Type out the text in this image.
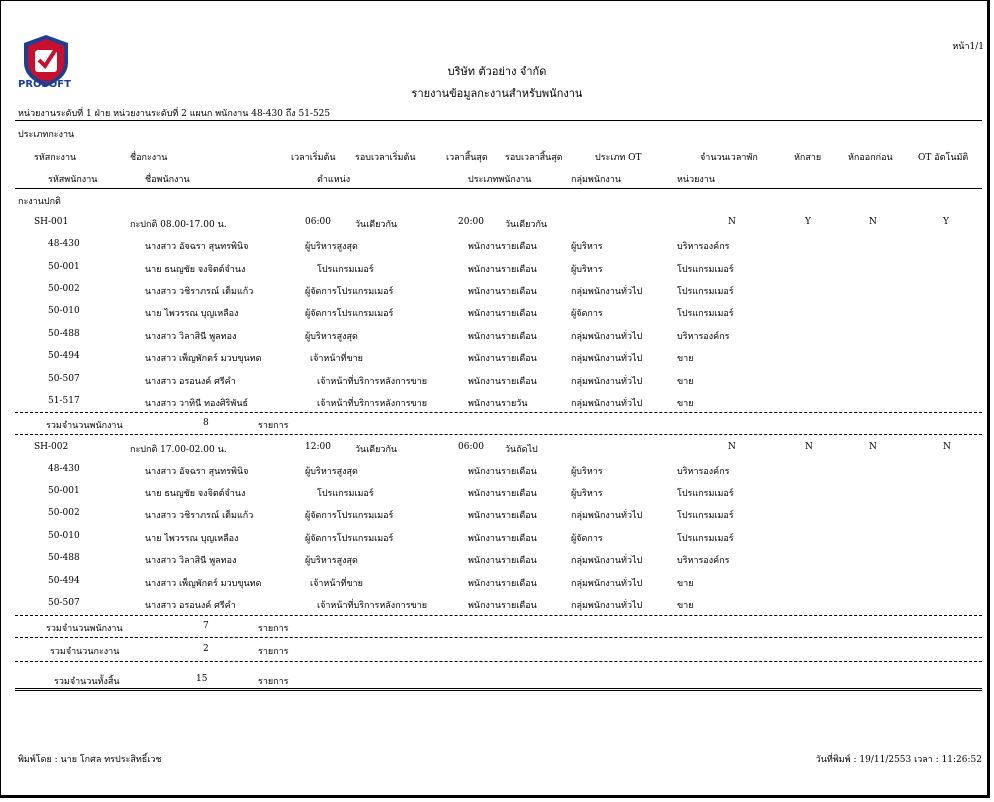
PROSOFT
บริษัท ตัวอย่าง จำกัด
รายงานข้อมูลกะงานสำหรับพนักงาน
หน้า1/1
หน่วยงานระดับที่ 1 ฝ่าย หน่วยงานระดับที่ 2 แผนก พนักงาน 48-430 ถึง 51-525
ประเภทกะงาน
รหัสกะงาน	ชื่อกะงาน	เวลาเริ่มต้น รอบเวลาเริ่มต้น	เวลาสิ้นสุด รอบเวลาสิ้นสุด	ประเภท OT	จำนวนเวลาพัก	หักสาย	หักออกก่อน	OT อัตโนมัติ
รหัสพนักงาน	ชื่อพนักงาน	ตำแหน่ง	ประเภทพนักงาน	กลุ่มพนักงาน	หน่วยงาน
กะงานปกติ
SH-001	กะปกติ 08.00-17.00 น.	06:00	วันเดียวกัน	20:00 วันเดียวกัน	N	Y	N	Y
48-430	นางสาว อัจฉรา สุนทรพินิจ	ผู้บริหารสูงสุด	พนักงานรายเดือน	ผู้บริหาร	บริหารองค์กร
50-001	นาย ธนญชัย จงจิตต์จำนง	โปรแกรมเมอร์	พนักงานรายเดือน	ผู้บริหาร	โปรแกรมเมอร์
50-002	นางสาว วชิราภรณ์ เต็มแก้ว	ผู้จัดการโปรแกรมเมอร์	พนักงานรายเดือน	กลุ่มพนักงานทั่วไป	โปรแกรมเมอร์
50-010	นาย ไพวรรณ บุญเหลือง	ผู้จัดการโปรแกรมเมอร์	พนักงานรายเดือน	ผู้จัดการ	โปรแกรมเมอร์
50-488	นางสาว วิลาสินี พูลทอง	ผู้บริหารสูงสุด	พนักงานรายเดือน	กลุ่มพนักงานทั่วไป	บริหารองค์กร
50-494	นางสาว เพ็ญพักตร์ มวบขุนทด	เจ้าหน้าที่ขาย	พนักงานรายเดือน	กลุ่มพนักงานทั่วไป	ขาย
50-507	นางสาว อรอนงค์ ศรีคำ	เจ้าหน้าที่บริการหลังการขาย	พนักงานรายเดือน	กลุ่มพนักงานทั่วไป	ขาย
51-517	นางสาว วาทินี ทองศิริพันธ์	เจ้าหน้าที่บริการหลังการขาย	พนักงานรายวัน	กลุ่มพนักงานทั่วไป	ขาย
รวมจำนวนพนักงาน	8	รายการ
SH-002	กะปกติ 17.00-02.00 น.	12:00	วันเดียวกัน	06:00 วันถัดไป	N	N	N	N
48-430	นางสาว อัจฉรา สุนทรพินิจ	ผู้บริหารสูงสุด	พนักงานรายเดือน	ผู้บริหาร	บริหารองค์กร
50-001	นาย ธนญชัย จงจิตต์จำนง	โปรแกรมเมอร์	พนักงานรายเดือน	ผู้บริหาร	โปรแกรมเมอร์
50-002	นางสาว วชิราภรณ์ เต็มแก้ว	ผู้จัดการโปรแกรมเมอร์	พนักงานรายเดือน	กลุ่มพนักงานทั่วไป	โปรแกรมเมอร์
50-010	นาย ไพวรรณ บุญเหลือง	ผู้จัดการโปรแกรมเมอร์	พนักงานรายเดือน	ผู้จัดการ	โปรแกรมเมอร์
50-488	นางสาว วิลาสินี พูลทอง	ผู้บริหารสูงสุด	พนักงานรายเดือน	กลุ่มพนักงานทั่วไป	บริหารองค์กร
50-494	นางสาว เพ็ญพักตร์ มวบขุนทด	เจ้าหน้าที่ขาย	พนักงานรายเดือน	กลุ่มพนักงานทั่วไป	ขาย
50-507	นางสาว อรอนงค์ ศรีคำ	เจ้าหน้าที่บริการหลังการขาย	พนักงานรายเดือน	กลุ่มพนักงานทั่วไป	ขาย
รวมจำนวนพนักงาน	7	รายการ
รวมจำนวนกะงาน	2	รายการ
รวมจำนวนทั้งสิ้น	15	รายการ
พิมพ์โดย : นาย โกศล ทรประสิทธิ์เวช	วันที่พิมพ์ : 19/11/2553 เวลา : 11:26:52
